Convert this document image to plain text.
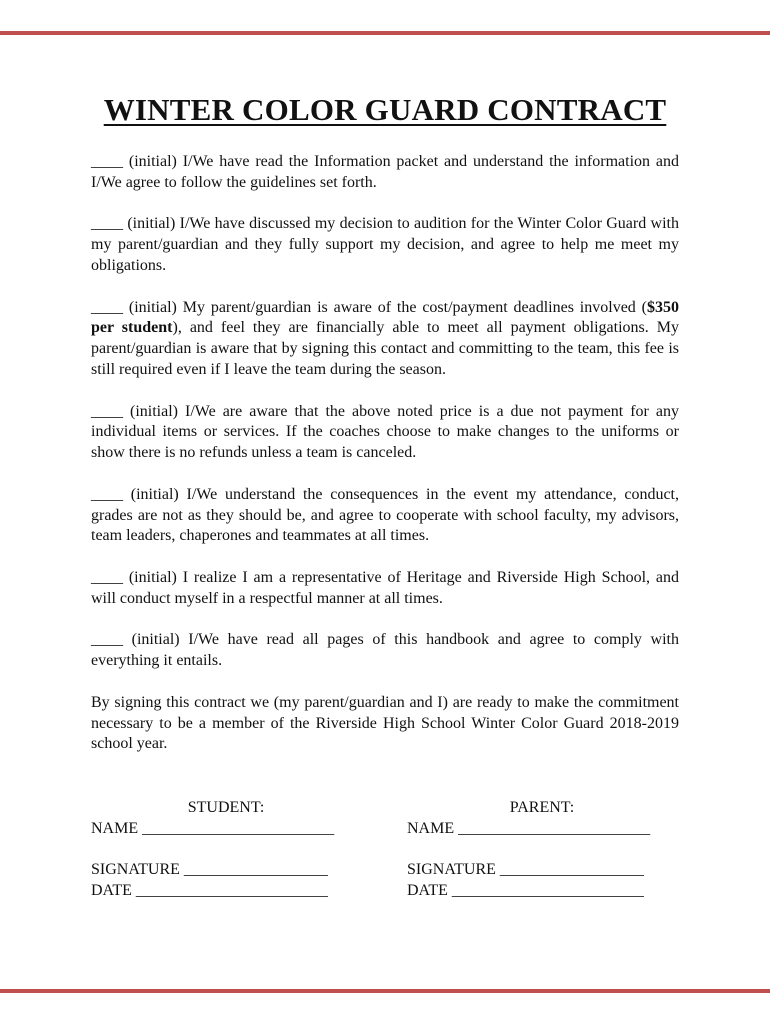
WINTER COLOR GUARD CONTRACT

____ (initial) I/We have read the Information packet and understand the information and I/We agree to follow the guidelines set forth.

____ (initial) I/We have discussed my decision to audition for the Winter Color Guard with my parent/guardian and they fully support my decision, and agree to help me meet my obligations.

____ (initial) My parent/guardian is aware of the cost/payment deadlines involved ($350 per student), and feel they are financially able to meet all payment obligations. My parent/guardian is aware that by signing this contact and committing to the team, this fee is still required even if I leave the team during the season.

____ (initial) I/We are aware that the above noted price is a due not payment for any individual items or services. If the coaches choose to make changes to the uniforms or show there is no refunds unless a team is canceled.

____ (initial) I/We understand the consequences in the event my attendance, conduct, grades are not as they should be, and agree to cooperate with school faculty, my advisors, team leaders, chaperones and teammates at all times.

____ (initial) I realize I am a representative of Heritage and Riverside High School, and will conduct myself in a respectful manner at all times.

____ (initial) I/We have read all pages of this handbook and agree to comply with everything it entails.

By signing this contract we (my parent/guardian and I) are ready to make the commitment necessary to be a member of the Riverside High School Winter Color Guard 2018-2019 school year.

STUDENT:
NAME ________________________
SIGNATURE __________________
DATE ________________________
PARENT:
NAME ________________________
SIGNATURE __________________
DATE ________________________
